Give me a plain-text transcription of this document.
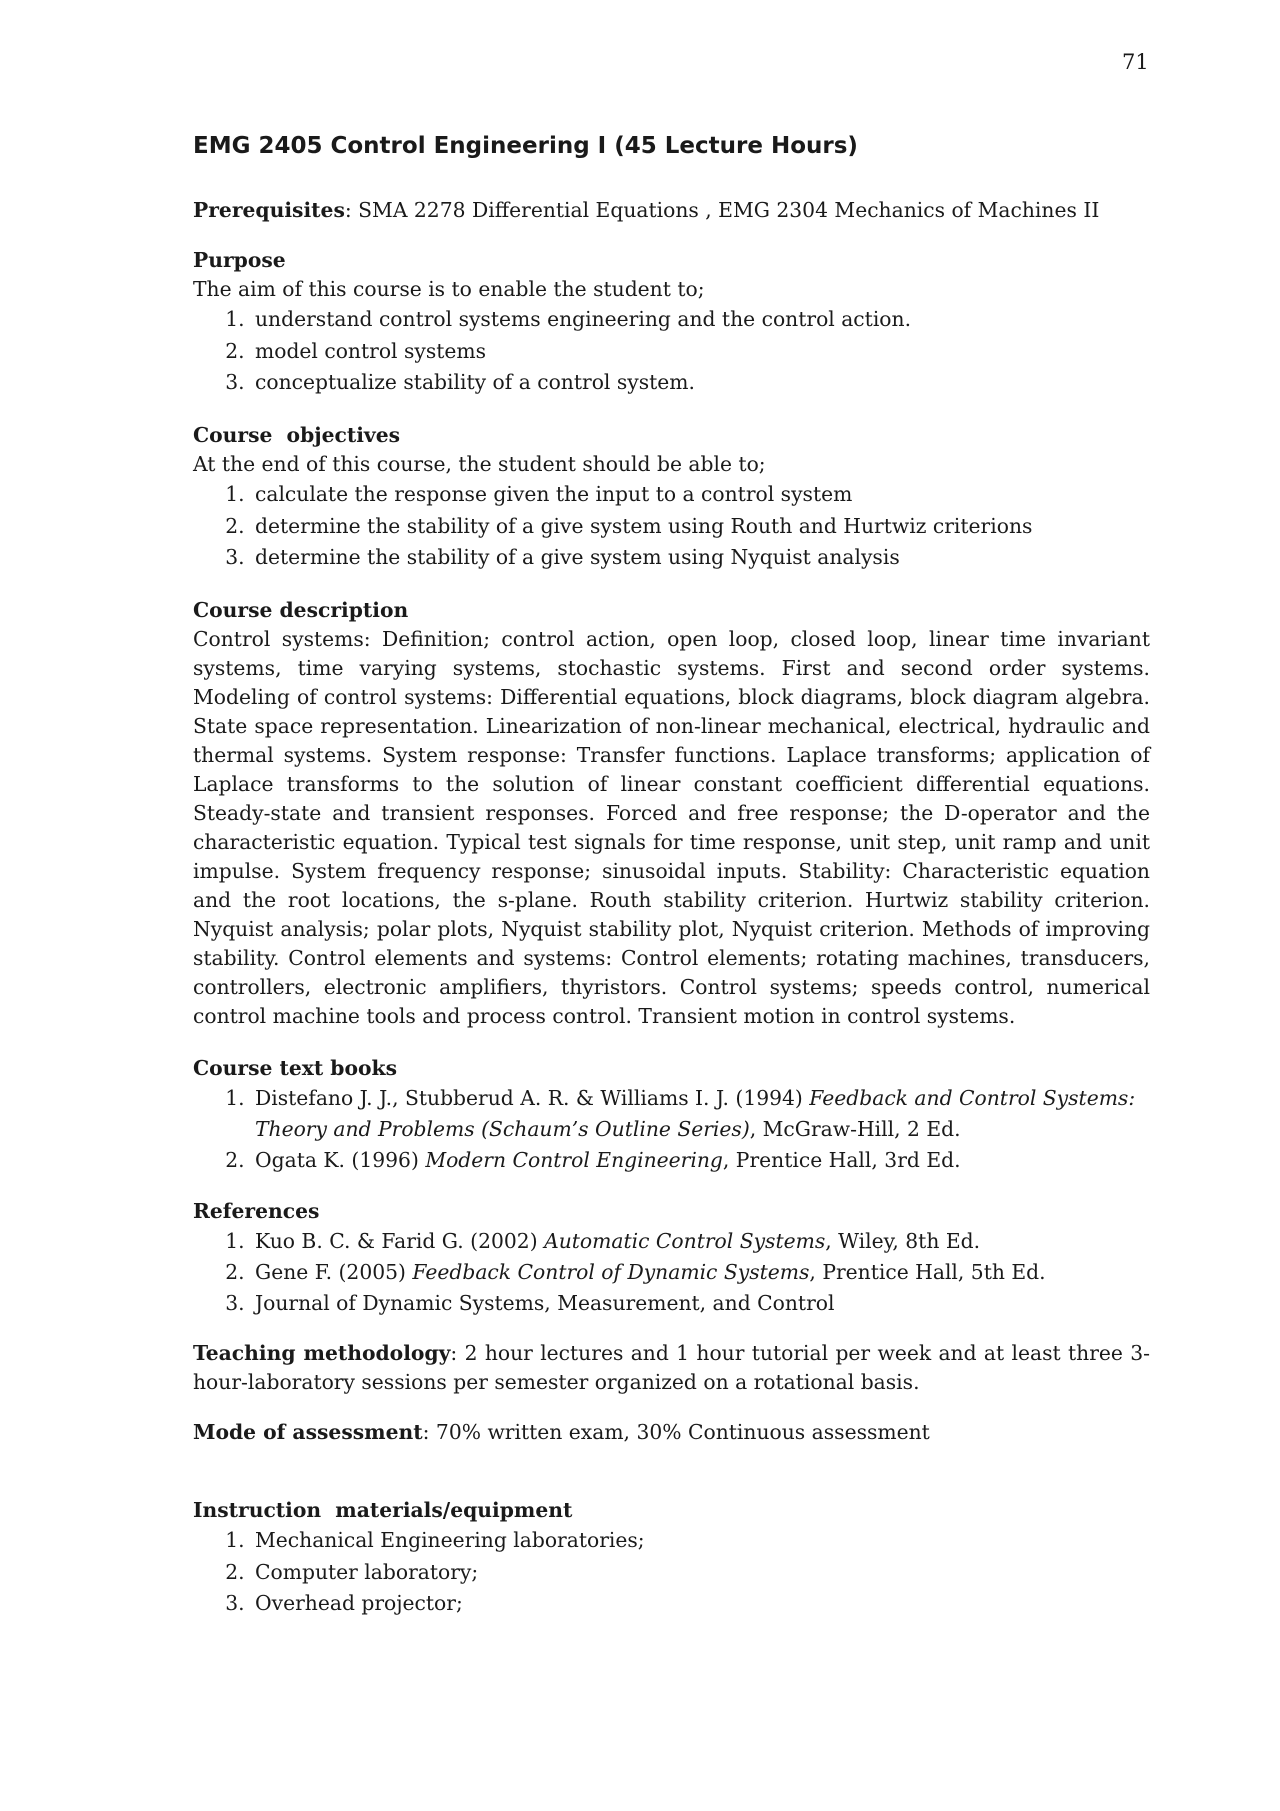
71
EMG 2405 Control Engineering I (45 Lecture Hours)

Prerequisites: SMA 2278 Differential Equations , EMG 2304 Mechanics of Machines II

Purpose

The aim of this course is to enable the student to;

1. understand control systems engineering and the control action.
2. model control systems
3. conceptualize stability of a control system.

Course  objectives

At the end of this course, the student should be able to;

1. calculate the response given the input to a control system
2. determine the stability of a give system using Routh and Hurtwiz criterions
3. determine the stability of a give system using Nyquist analysis

Course description

Control systems: Definition; control action, open loop, closed loop, linear time invariant systems, time varying systems, stochastic systems. First and second order systems. Modeling of control systems: Differential equations, block diagrams, block diagram algebra. State space representation. Linearization of non-linear mechanical, electrical, hydraulic and thermal systems. System response: Transfer functions. Laplace transforms; application of Laplace transforms to the solution of linear constant coefficient differential equations. Steady-state and transient responses. Forced and free response; the D-operator and the characteristic equation. Typical test signals for time response, unit step, unit ramp and unit impulse. System frequency response; sinusoidal inputs. Stability: Characteristic equation and the root locations, the s-plane. Routh stability criterion. Hurtwiz stability criterion. Nyquist analysis; polar plots, Nyquist stability plot, Nyquist criterion. Methods of improving stability. Control elements and systems: Control elements; rotating machines, transducers, controllers, electronic amplifiers, thyristors. Control systems; speeds control, numerical control machine tools and process control. Transient motion in control systems.

Course text books

1. Distefano J. J., Stubberud A. R. & Williams I. J. (1994) Feedback and Control Systems: Theory and Problems (Schaum’s Outline Series), McGraw-Hill, 2 Ed.
2. Ogata K. (1996) Modern Control Engineering, Prentice Hall, 3rd Ed.

References

1. Kuo B. C. & Farid G. (2002) Automatic Control Systems, Wiley, 8th Ed.
2. Gene F. (2005) Feedback Control of Dynamic Systems, Prentice Hall, 5th Ed.
3. Journal of Dynamic Systems, Measurement, and Control

Teaching methodology: 2 hour lectures and 1 hour tutorial per week and at least three 3-hour-laboratory sessions per semester organized on a rotational basis.

Mode of assessment: 70% written exam, 30% Continuous assessment

Instruction  materials/equipment

1. Mechanical Engineering laboratories;
2. Computer laboratory;
3. Overhead projector;
